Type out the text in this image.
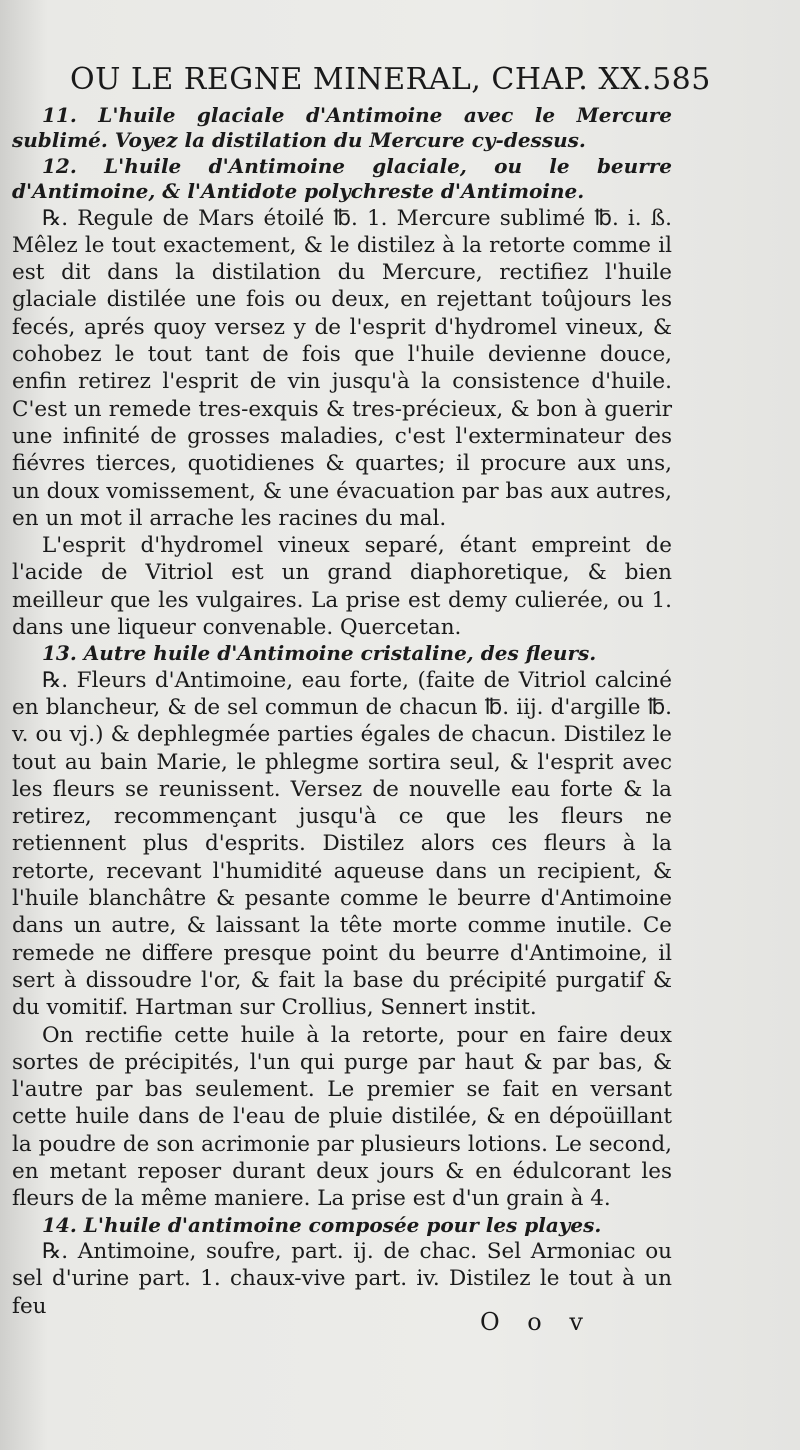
OU LE REGNE MINERAL, CHAP. XX. 585

11. L'huile glaciale d'Antimoine avec le Mercure sublimé. Voyez la distilation du Mercure cy-dessus.

12. L'huile d'Antimoine glaciale, ou le beurre d'Antimoine, & l'Antidote polychreste d'Antimoine.

℞. Regule de Mars étoilé ℔. 1. Mercure sublimé ℔. i. ß. Mêlez le tout exactement, & le distilez à la retorte comme il est dit dans la distilation du Mercure, rectifiez l'huile glaciale distilée une fois ou deux, en rejettant toûjours les fecés, aprés quoy versez y de l'esprit d'hydromel vineux, & cohobez le tout tant de fois que l'huile devienne douce, enfin retirez l'esprit de vin jusqu'à la consistence d'huile. C'est un remede tres-exquis & tres-précieux, & bon à guerir une infinité de grosses maladies, c'est l'exterminateur des fiévres tierces, quotidienes & quartes; il procure aux uns, un doux vomissement, & une évacuation par bas aux autres, en un mot il arrache les racines du mal.

L'esprit d'hydromel vineux separé, étant empreint de l'acide de Vitriol est un grand diaphoretique, & bien meilleur que les vulgaires. La prise est demy culierée, ou 1. dans une liqueur convenable. Quercetan.

13. Autre huile d'Antimoine cristaline, des fleurs.

℞. Fleurs d'Antimoine, eau forte, (faite de Vitriol calciné en blancheur, & de sel commun de chacun ℔. iij. d'argille ℔. v. ou vj.) & dephlegmée parties égales de chacun. Distilez le tout au bain Marie, le phlegme sortira seul, & l'esprit avec les fleurs se reunissent. Versez de nouvelle eau forte & la retirez, recommençant jusqu'à ce que les fleurs ne retiennent plus d'esprits. Distilez alors ces fleurs à la retorte, recevant l'humidité aqueuse dans un recipient, & l'huile blanchâtre & pesante comme le beurre d'Antimoine dans un autre, & laissant la tête morte comme inutile. Ce remede ne differe presque point du beurre d'Antimoine, il sert à dissoudre l'or, & fait la base du précipité purgatif & du vomitif. Hartman sur Crollius, Sennert instit.

On rectifie cette huile à la retorte, pour en faire deux sortes de précipités, l'un qui purge par haut & par bas, & l'autre par bas seulement. Le premier se fait en versant cette huile dans de l'eau de pluie distilée, & en dépoüillant la poudre de son acrimonie par plusieurs lotions. Le second, en metant reposer durant deux jours & en édulcorant les fleurs de la même maniere. La prise est d'un grain à 4.

14. L'huile d'antimoine composée pour les playes.

℞. Antimoine, soufre, part. ij. de chac. Sel Armoniac ou sel d'urine part. 1. chaux-vive part. iv. Distilez le tout à un feu

O o v
